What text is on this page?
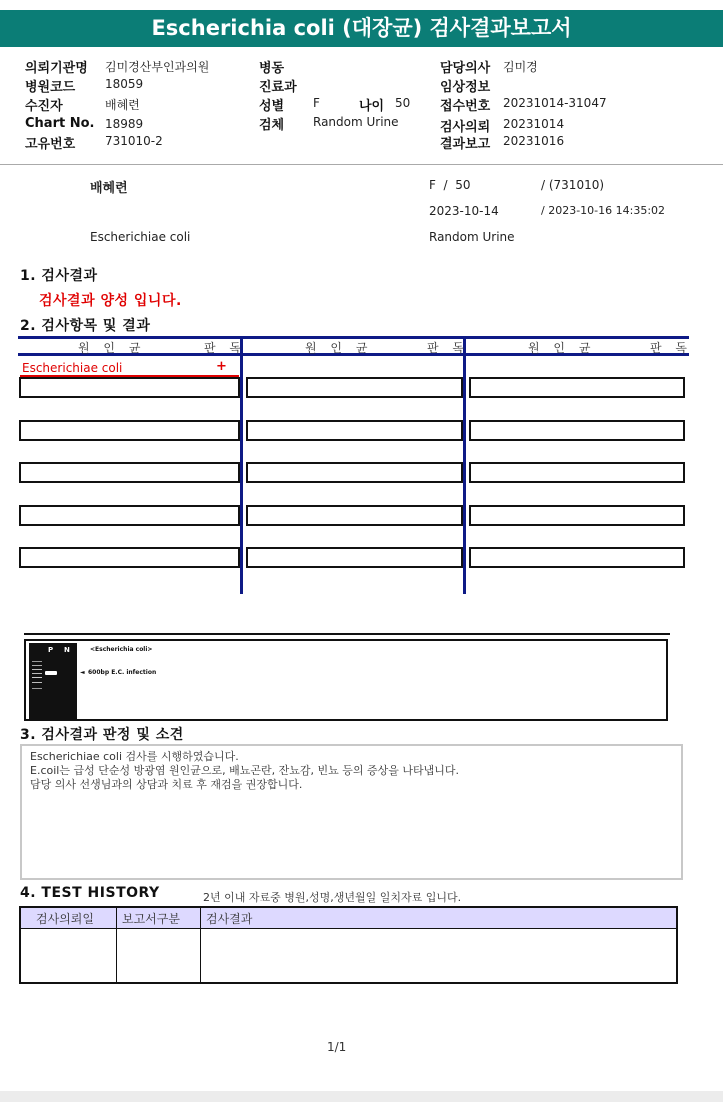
Escherichia coli (대장균) 검사결과보고서
의뢰기관명 김미경산부인과의원
병원코드 18059
수진자	배혜련
Chart No. 18989
고유번호 731010-2
병동
진료과
성별 F	나이 50
검체 Random Urine
담당의사 김미경
임상정보
접수번호 20231014-31047
검사의뢰 20231014
결과보고 20231016
배혜련	F  /  50	/ (731010)
2023-10-14	/ 2023-10-16 14:35:02
Escherichiae coli	Random Urine
1. 검사결과
검사결과 양성 입니다.
2. 검사항목 및 결과
원 인 균	판 독	원 인 균	판 독	원 인 균	판 독
Escherichiae coli	+
P N	<Escherichia coli>
◄ 600bp E.C. infection
3. 검사결과 판정 및 소견
Escherichiae coli 검사를 시행하였습니다.
E.coil는 급성 단순성 방광염 원인균으로, 배뇨곤란, 잔뇨감, 빈뇨 등의 증상을 나타냅니다.
담당 의사 선생님과의 상담과 치료 후 재검을 권장합니다.
4. TEST HISTORY	2년 이내 자료중 병원,성명,생년월일 일치자료 입니다.
검사의뢰일 보고서구분 검사결과
1/1
